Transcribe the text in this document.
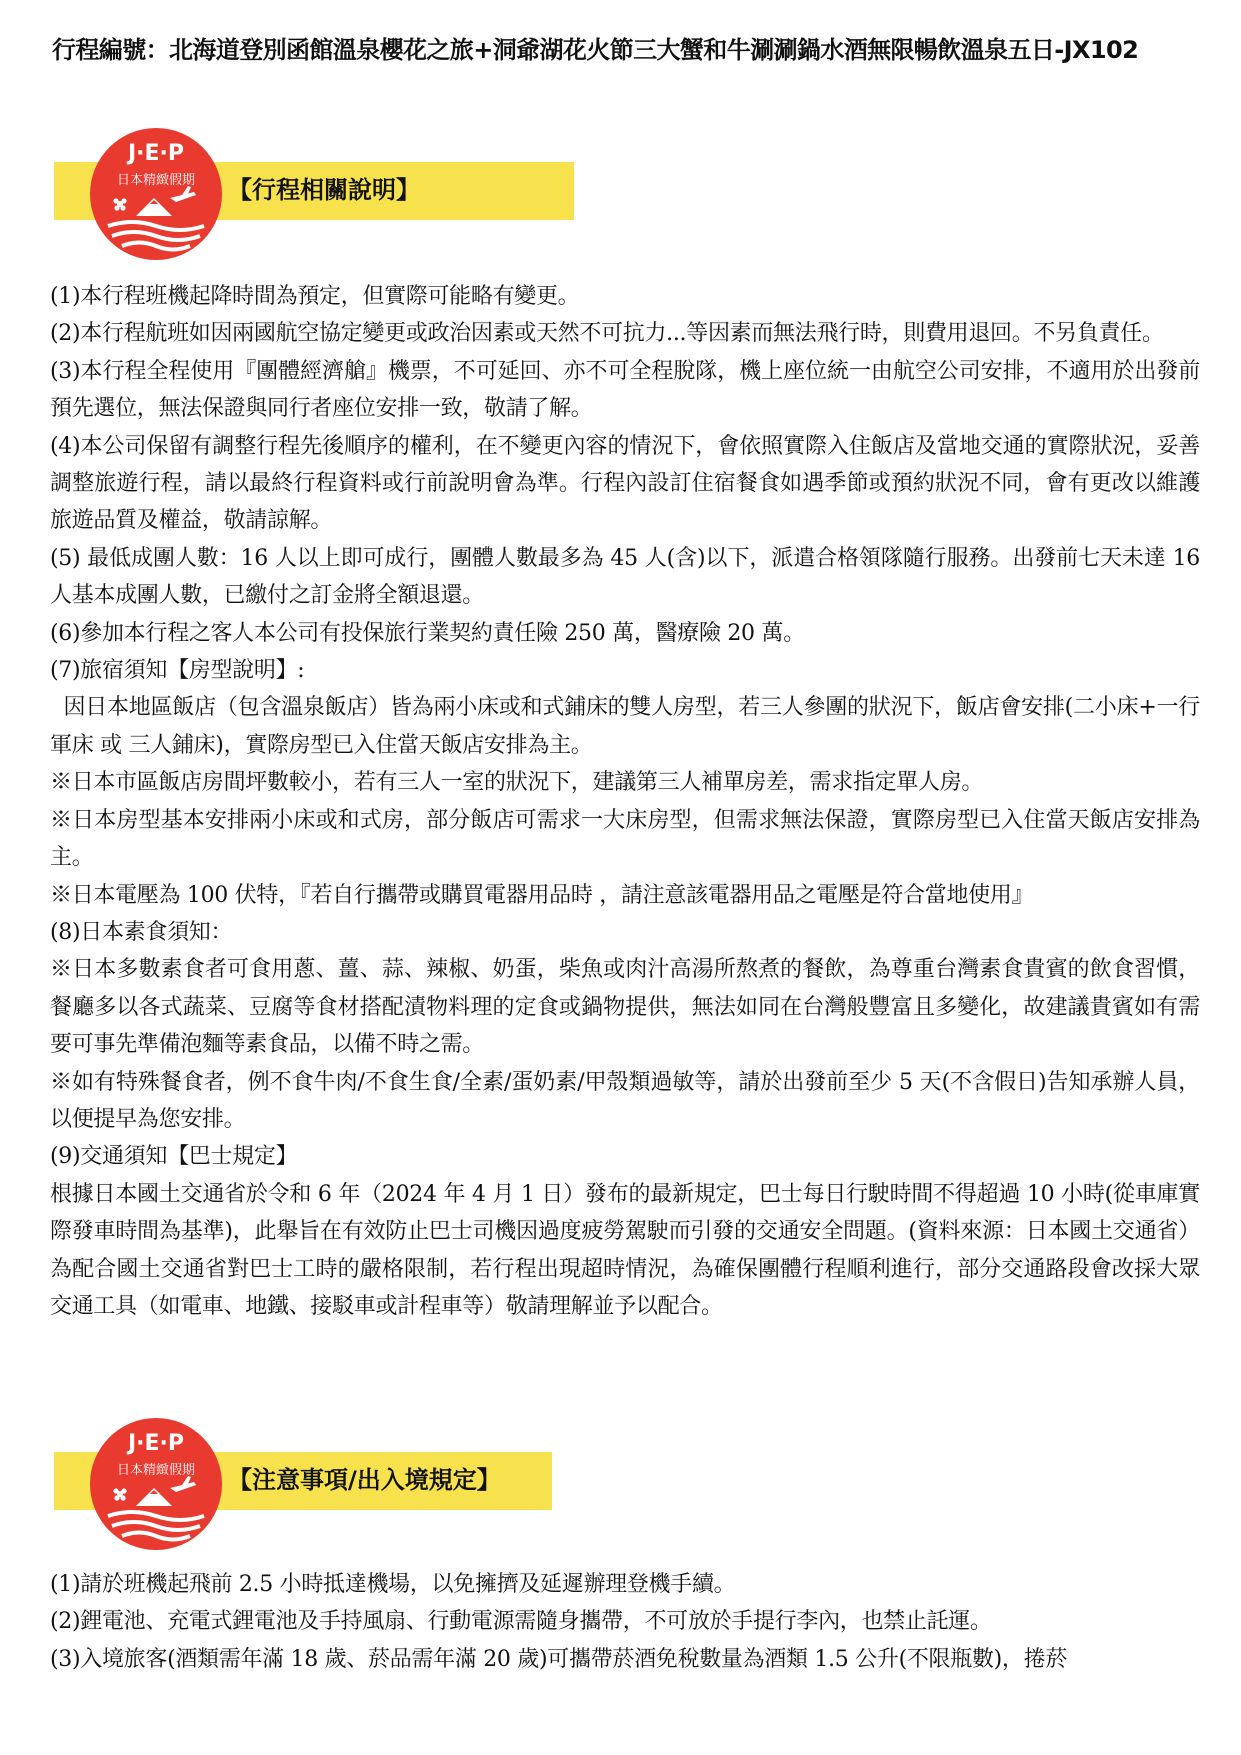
行程編號：北海道登別函館溫泉櫻花之旅+洞爺湖花火節三大蟹和牛涮涮鍋水酒無限暢飲溫泉五日-JX102
J·E·P
日本精緻假期 【行程相關說明】

(1)本行程班機起降時間為預定，但實際可能略有變更。

(2)本行程航班如因兩國航空協定變更或政治因素或天然不可抗力...等因素而無法飛行時，則費用退回。不另負責任。

(3)本行程全程使用『團體經濟艙』機票，不可延回、亦不可全程脫隊，機上座位統一由航空公司安排，不適用於出發前預先選位，無法保證與同行者座位安排一致，敬請了解。

(4)本公司保留有調整行程先後順序的權利，在不變更內容的情況下，會依照實際入住飯店及當地交通的實際狀況，妥善調整旅遊行程，請以最終行程資料或行前說明會為準。行程內設訂住宿餐食如遇季節或預約狀況不同，會有更改以維護旅遊品質及權益，敬請諒解。

(5) 最低成團人數：16 人以上即可成行，團體人數最多為 45 人(含)以下，派遣合格領隊隨行服務。出發前七天未達 16 人基本成團人數，已繳付之訂金將全額退還。

(6)參加本行程之客人本公司有投保旅行業契約責任險 250 萬，醫療險 20 萬。

(7)旅宿須知【房型說明】:

因日本地區飯店（包含溫泉飯店）皆為兩小床或和式鋪床的雙人房型，若三人參團的狀況下，飯店會安排(二小床+一行軍床 或 三人鋪床)，實際房型已入住當天飯店安排為主。

※日本市區飯店房間坪數較小，若有三人一室的狀況下，建議第三人補單房差，需求指定單人房。

※日本房型基本安排兩小床或和式房，部分飯店可需求一大床房型，但需求無法保證，實際房型已入住當天飯店安排為主。

※日本電壓為 100 伏特，『若自行攜帶或購買電器用品時 ，請注意該電器用品之電壓是符合當地使用』

(8)日本素食須知：

※日本多數素食者可食用蔥、薑、蒜、辣椒、奶蛋，柴魚或肉汁高湯所熬煮的餐飲，為尊重台灣素食貴賓的飲食習慣，餐廳多以各式蔬菜、豆腐等食材搭配漬物料理的定食或鍋物提供，無法如同在台灣般豐富且多變化，故建議貴賓如有需要可事先準備泡麵等素食品，以備不時之需。

※如有特殊餐食者，例不食牛肉/不食生食/全素/蛋奶素/甲殼類過敏等，請於出發前至少 5 天(不含假日)告知承辦人員，以便提早為您安排。

(9)交通須知【巴士規定】

根據日本國土交通省於令和 6 年（2024 年 4 月 1 日）發布的最新規定，巴士每日行駛時間不得超過 10 小時(從車庫實際發車時間為基準)，此舉旨在有效防止巴士司機因過度疲勞駕駛而引發的交通安全問題。(資料來源：日本國土交通省）為配合國土交通省對巴士工時的嚴格限制，若行程出現超時情況，為確保團體行程順利進行，部分交通路段會改採大眾交通工具（如電車、地鐵、接駁車或計程車等）敬請理解並予以配合。

J·E·P
日本精緻假期 【注意事項/出入境規定】

(1)請於班機起飛前 2.5 小時抵達機場，以免擁擠及延遲辦理登機手續。

(2)鋰電池、充電式鋰電池及手持風扇、行動電源需隨身攜帶，不可放於手提行李內，也禁止託運。

(3)入境旅客(酒類需年滿 18 歲、菸品需年滿 20 歲)可攜帶菸酒免稅數量為酒類 1.5 公升(不限瓶數)，捲菸
